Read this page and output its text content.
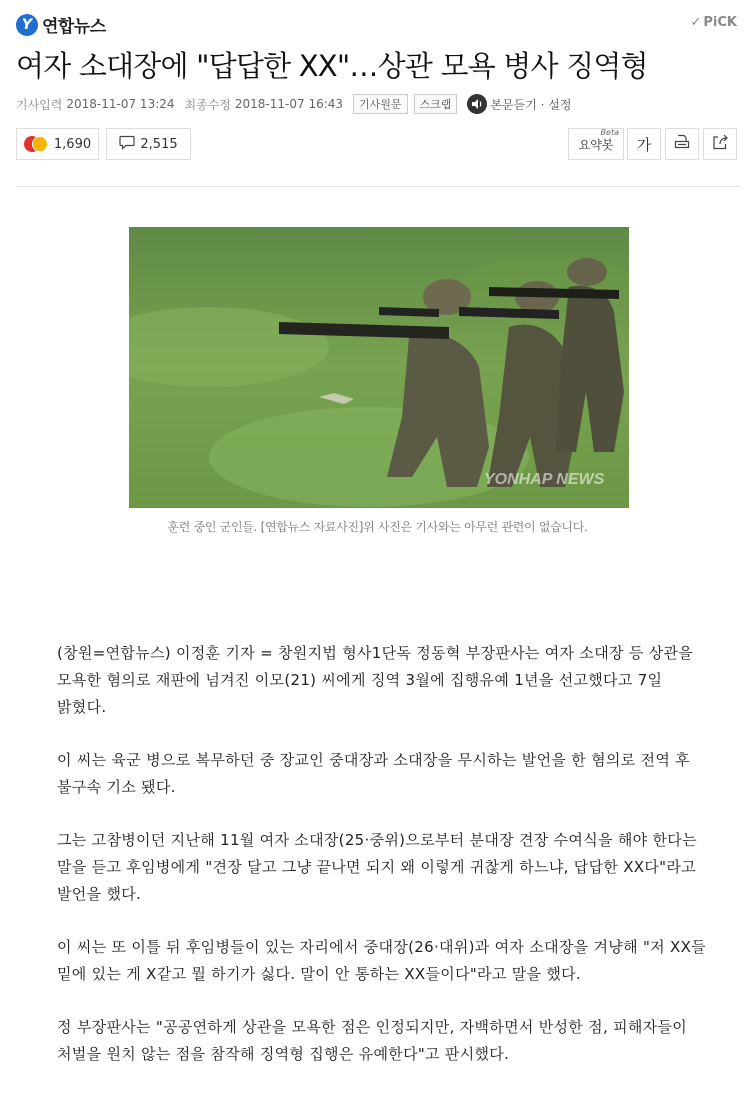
Y 연합뉴스	✓ PiCK
여자 소대장에 "답답한 XX"…상관 모욕 병사 징역형
기사입력 2018-11-07 13:24 최종수정 2018-11-07 16:43	기사원문	스크랩	본문듣기 · 설정
1,690	2,515	요약봇
Beta
가
YONHAP NEWS
훈련 중인 군인들. [연합뉴스 자료사진]위 사진은 기사와는 아무런 관련이 없습니다.

(창원=연합뉴스) 이정훈 기자 = 창원지법 형사1단독 정동혁 부장판사는 여자 소대장 등 상관을 모욕한 혐의로 재판에 넘겨진 이모(21) 씨에게 징역 3월에 집행유예 1년을 선고했다고 7일 밝혔다.

이 씨는 육군 병으로 복무하던 중 장교인 중대장과 소대장을 무시하는 발언을 한 혐의로 전역 후 불구속 기소 됐다.

그는 고참병이던 지난해 11월 여자 소대장(25·중위)으로부터 분대장 견장 수여식을 해야 한다는 말을 듣고 후임병에게 "견장 달고 그냥 끝나면 되지 왜 이렇게 귀찮게 하느냐, 답답한 XX다"라고 발언을 했다.

이 씨는 또 이틀 뒤 후임병들이 있는 자리에서 중대장(26·대위)과 여자 소대장을 겨냥해 "저 XX들 밑에 있는 게 X같고 뭘 하기가 싫다. 말이 안 통하는 XX들이다"라고 말을 했다.

정 부장판사는 "공공연하게 상관을 모욕한 점은 인정되지만, 자백하면서 반성한 점, 피해자들이 처벌을 원치 않는 점을 참작해 징역형 집행은 유예한다"고 판시했다.
